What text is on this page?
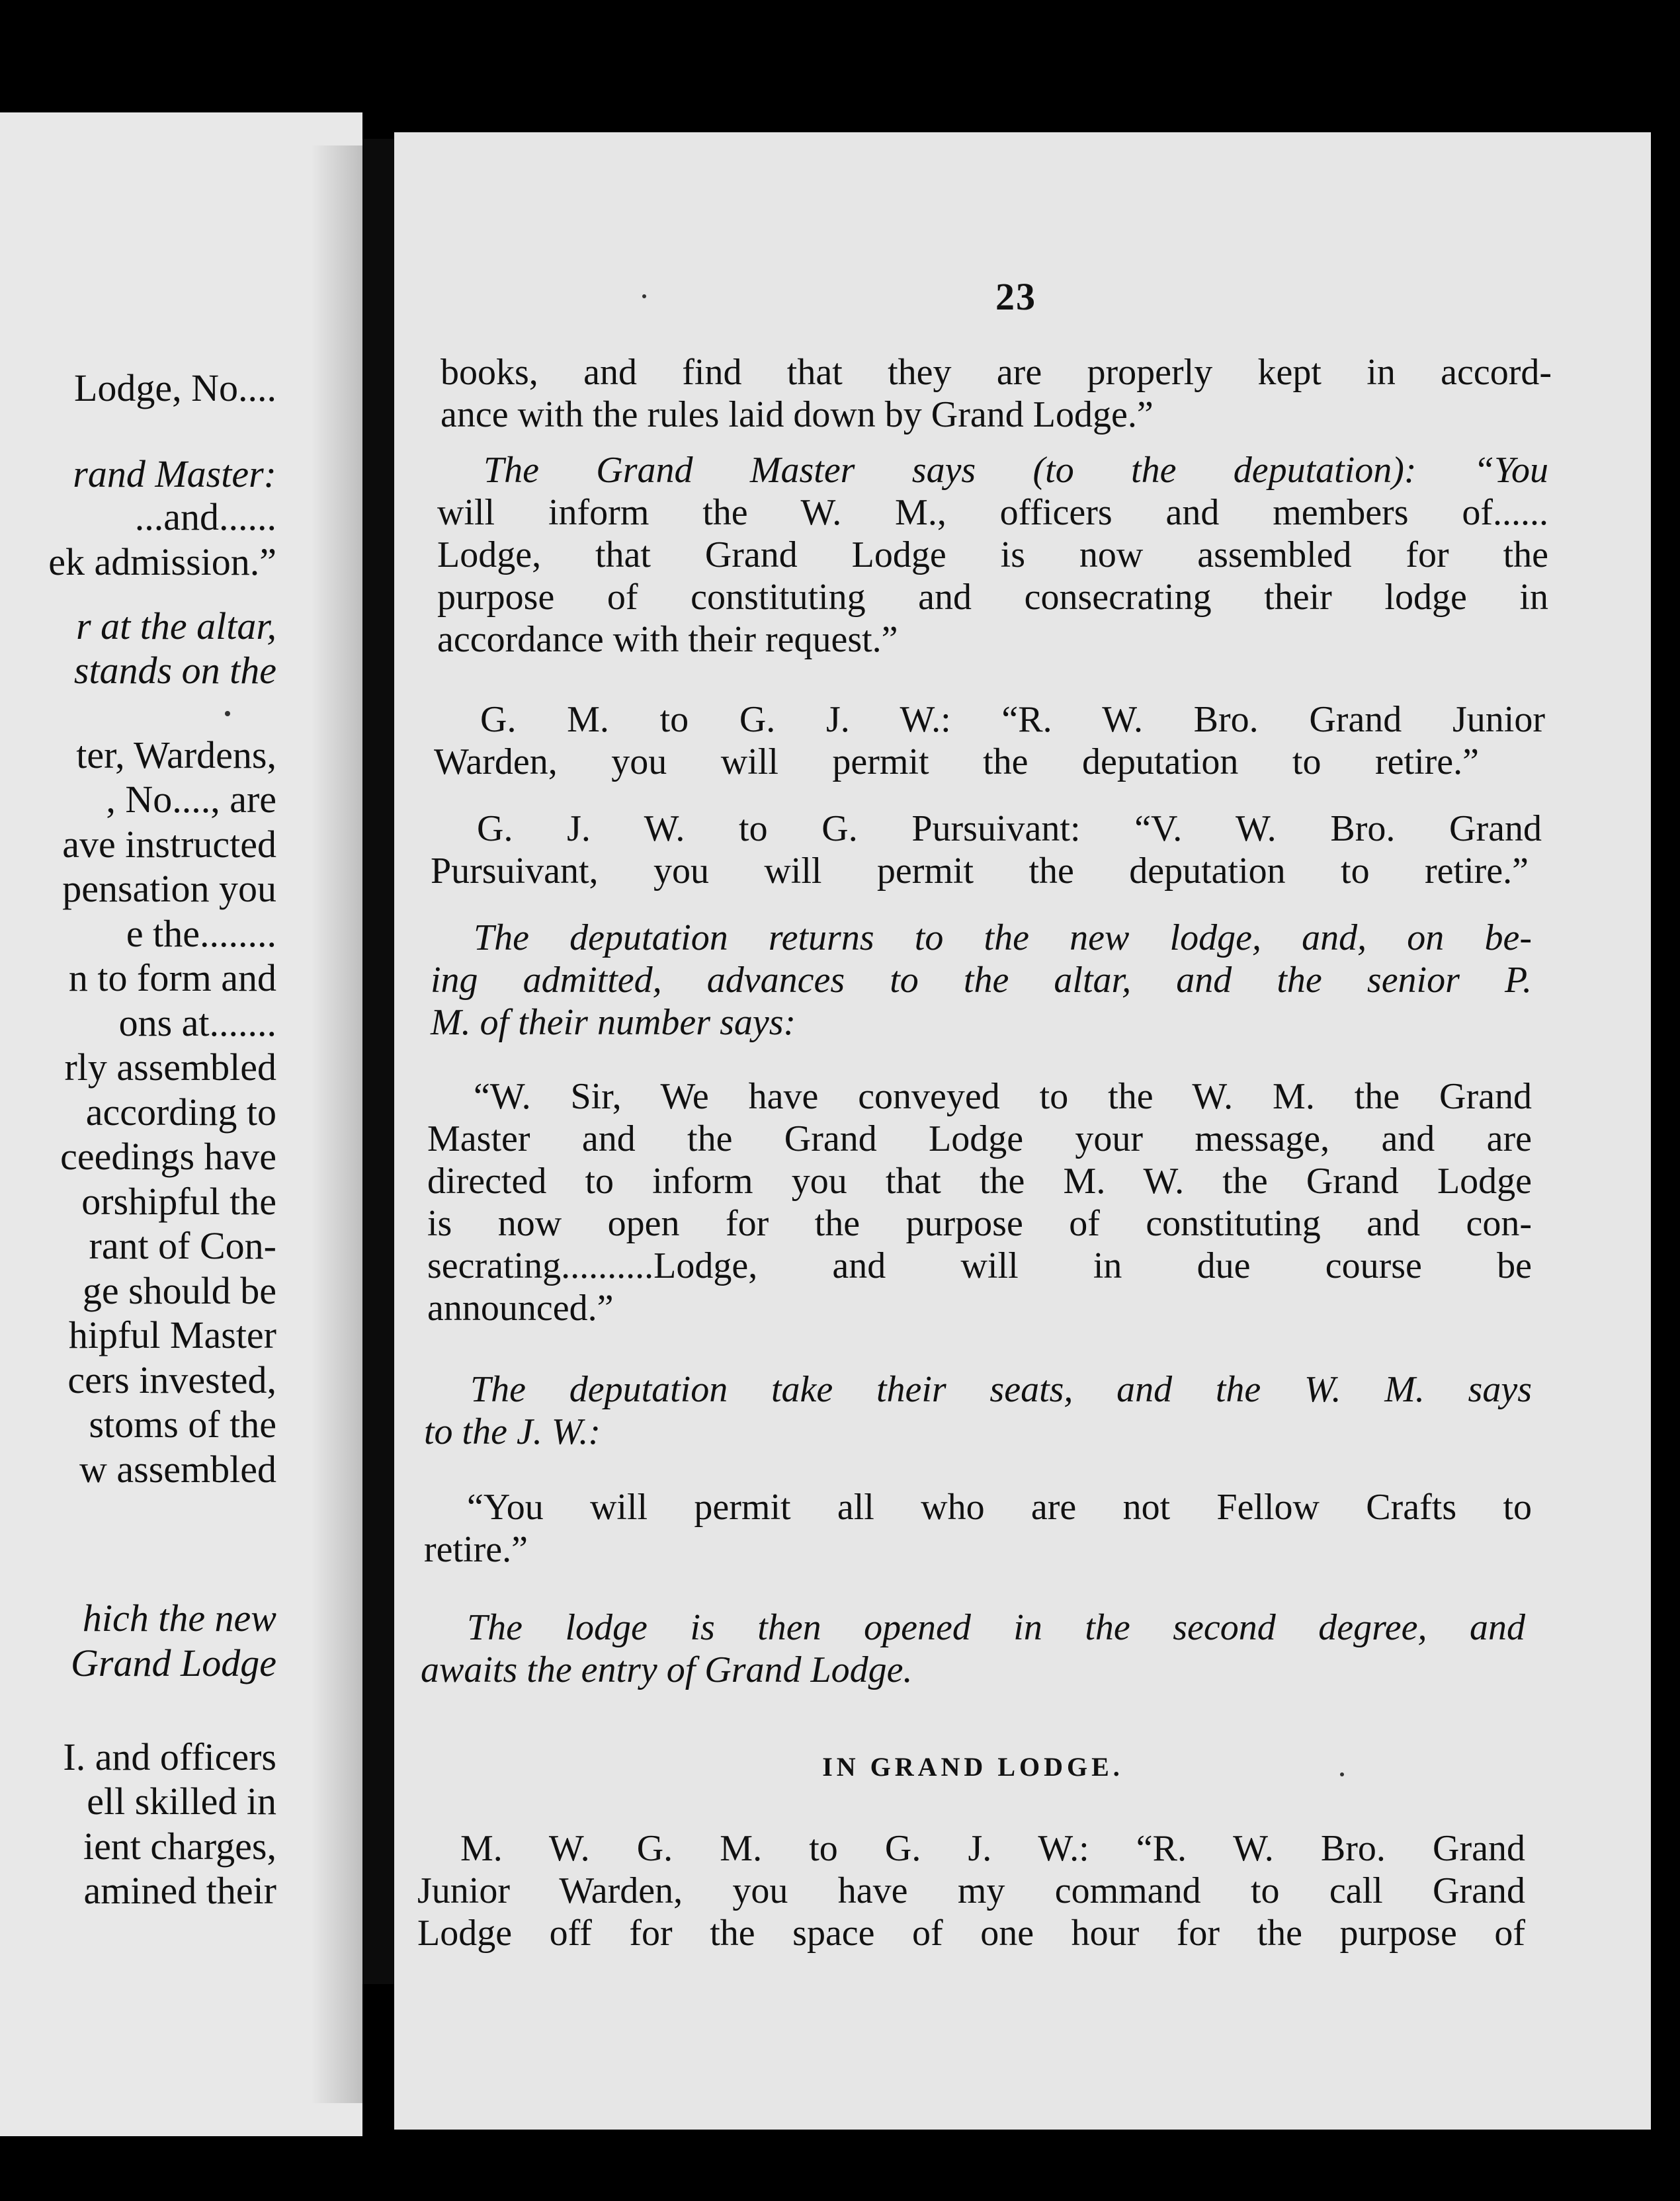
Lodge, No....
rand Master:
...and......
ek admission.”
r at the altar,
stands on the
ter, Wardens,
, No...., are
ave instructed
pensation you
e the........
n to form and
ons at.......
rly assembled
according to
ceedings have
orshipful the
rant of Con-
ge should be
hipful Master
cers invested,
stoms of the
w assembled
hich the new
Grand Lodge
I. and officers
ell skilled in
ient charges,
amined their
23
books, and find that they are properly kept in accord-
ance with the rules laid down by Grand Lodge.”
The Grand Master says (to the deputation): “You
will inform the W. M., officers and members of......
Lodge, that Grand Lodge is now assembled for the
purpose of constituting and consecrating their lodge in
accordance with their request.”
G. M. to G. J. W.: “R. W. Bro. Grand Junior
Warden, you will permit the deputation to retire.”
G. J. W. to G. Pursuivant: “V. W. Bro. Grand
Pursuivant, you will permit the deputation to retire.”
The deputation returns to the new lodge, and, on be-
ing admitted, advances to the altar, and the senior P.
M. of their number says:
“W. Sir, We have conveyed to the W. M. the Grand
Master and the Grand Lodge your message, and are
directed to inform you that the M. W. the Grand Lodge
is now open for the purpose of constituting and con-
secrating..........Lodge, and will in due course be
announced.”
The deputation take their seats, and the W. M. says
to the J. W.:
“You will permit all who are not Fellow Crafts to
retire.”
The lodge is then opened in the second degree, and
awaits the entry of Grand Lodge.
IN GRAND LODGE.
M. W. G. M. to G. J. W.: “R. W. Bro. Grand
Junior Warden, you have my command to call Grand
Lodge off for the space of one hour for the purpose of
